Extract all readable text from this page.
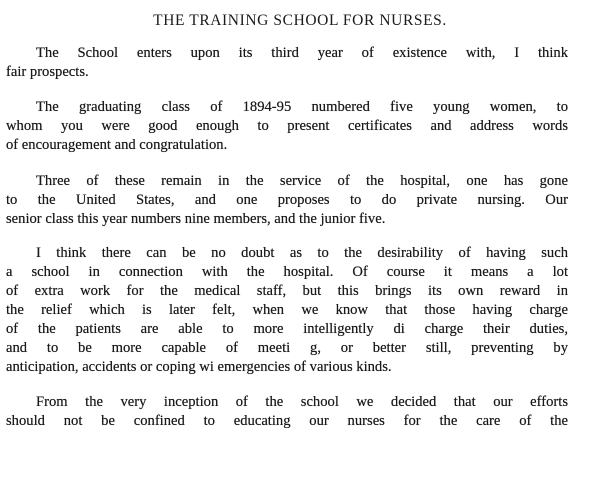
THE TRAINING SCHOOL FOR NURSES.
The School enters upon its third year of existence with, I think
fair prospects.
The graduating class of 1894-95 numbered five young women, to
whom you were good enough to present certificates and address words
of encouragement and congratulation.
Three of these remain in the service of the hospital, one has gone
to the United States, and one proposes to do private nursing. Our
senior class this year numbers nine members, and the junior five.
I think there can be no doubt as to the desirability of having such
a school in connection with the hospital. Of course it means a lot
of extra work for the medical staff, but this brings its own reward in
the relief which is later felt, when we know that those having charge
of the patients are able to more intelligently di charge their duties,
and to be more capable of meeti g, or better still, preventing by
anticipation, accidents or coping wi emergencies of various kinds.
From the very inception of the school we decided that our efforts
should not be confined to educating our nurses for the care of the
